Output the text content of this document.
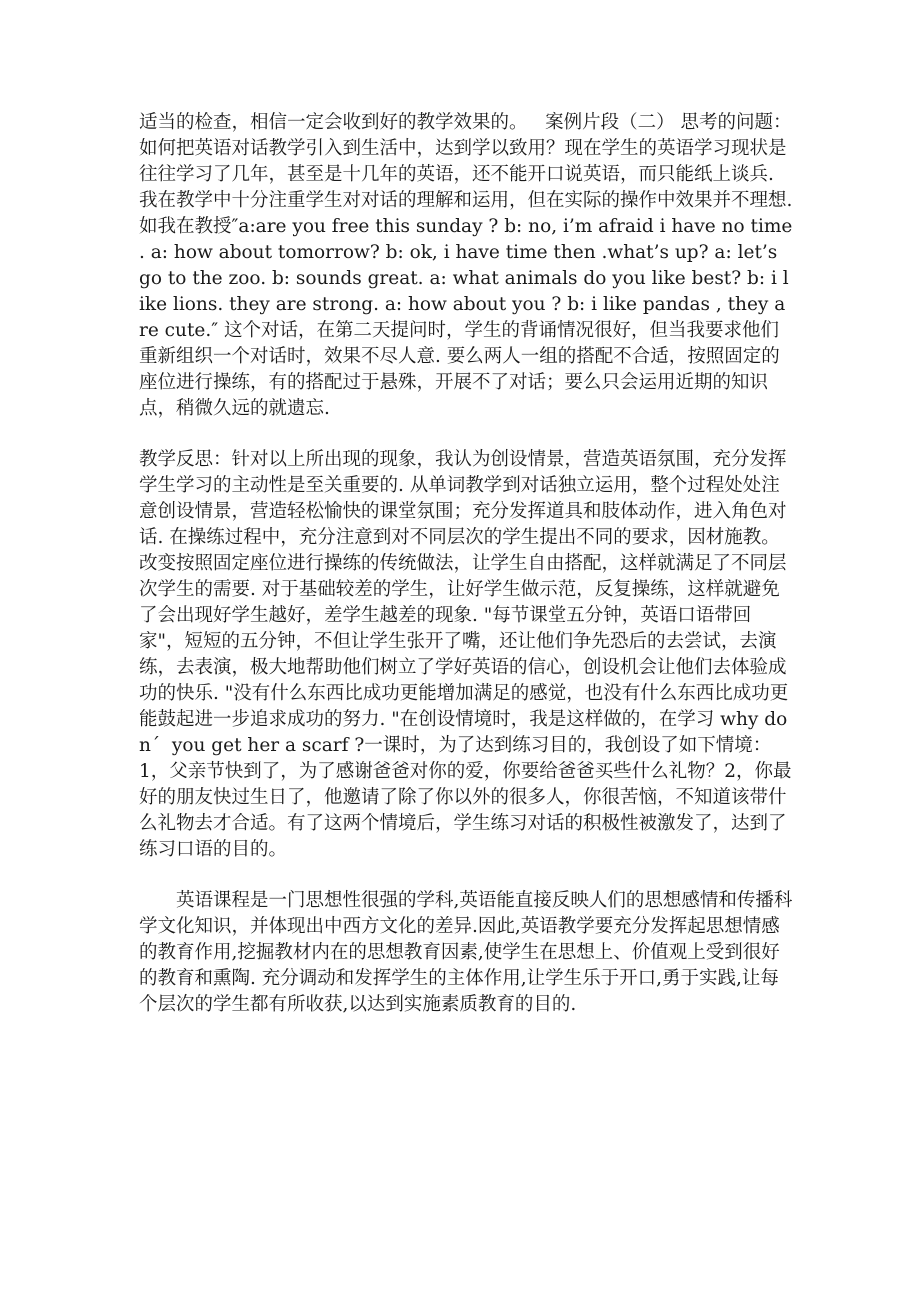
适当的检查，相信一定会收到好的教学效果的。   案例片段（二） 思考的问题：如何把英语对话教学引入到生活中，达到学以致用？现在学生的英语学习现状是往往学习了几年，甚至是十几年的英语，还不能开口说英语，而只能纸上谈兵. 我在教学中十分注重学生对对话的理解和运用，但在实际的操作中效果并不理想. 如我在教授″a:are you free this sunday ? b: no, i’m afraid i have no time . a: how about tomorrow? b: ok, i have time then .what’s up? a: let’s go to the zoo. b: sounds great. a: what animals do you like best? b: i like lions. they are strong. a: how about you ? b: i like pandas , they are cute.″ 这个对话，在第二天提问时，学生的背诵情况很好，但当我要求他们重新组织一个对话时，效果不尽人意. 要么两人一组的搭配不合适，按照固定的座位进行操练，有的搭配过于悬殊，开展不了对话；要么只会运用近期的知识点，稍微久远的就遗忘.

教学反思：针对以上所出现的现象，我认为创设情景，营造英语氛围，充分发挥学生学习的主动性是至关重要的. 从单词教学到对话独立运用，整个过程处处注意创设情景，营造轻松愉快的课堂氛围；充分发挥道具和肢体动作，进入角色对话. 在操练过程中，充分注意到对不同层次的学生提出不同的要求，因材施教。改变按照固定座位进行操练的传统做法，让学生自由搭配，这样就满足了不同层次学生的需要. 对于基础较差的学生，让好学生做示范，反复操练，这样就避免了会出现好学生越好，差学生越差的现象. "每节课堂五分钟，英语口语带回家"，短短的五分钟，不但让学生张开了嘴，还让他们争先恐后的去尝试，去演练，去表演，极大地帮助他们树立了学好英语的信心，创设机会让他们去体验成功的快乐. "没有什么东西比成功更能增加满足的感觉，也没有什么东西比成功更能鼓起进一步追求成功的努力. "在创设情境时，我是这样做的，在学习 why don´  you get her a scarf ?一课时，为了达到练习目的，我创设了如下情境：1，父亲节快到了，为了感谢爸爸对你的爱，你要给爸爸买些什么礼物？2，你最好的朋友快过生日了，他邀请了除了你以外的很多人，你很苦恼，不知道该带什么礼物去才合适。有了这两个情境后，学生练习对话的积极性被激发了，达到了练习口语的目的。

英语课程是一门思想性很强的学科,英语能直接反映人们的思想感情和传播科学文化知识，并体现出中西方文化的差异.因此,英语教学要充分发挥起思想情感的教育作用,挖掘教材内在的思想教育因素,使学生在思想上、价值观上受到很好的教育和熏陶. 充分调动和发挥学生的主体作用,让学生乐于开口,勇于实践,让每个层次的学生都有所收获,以达到实施素质教育的目的.
